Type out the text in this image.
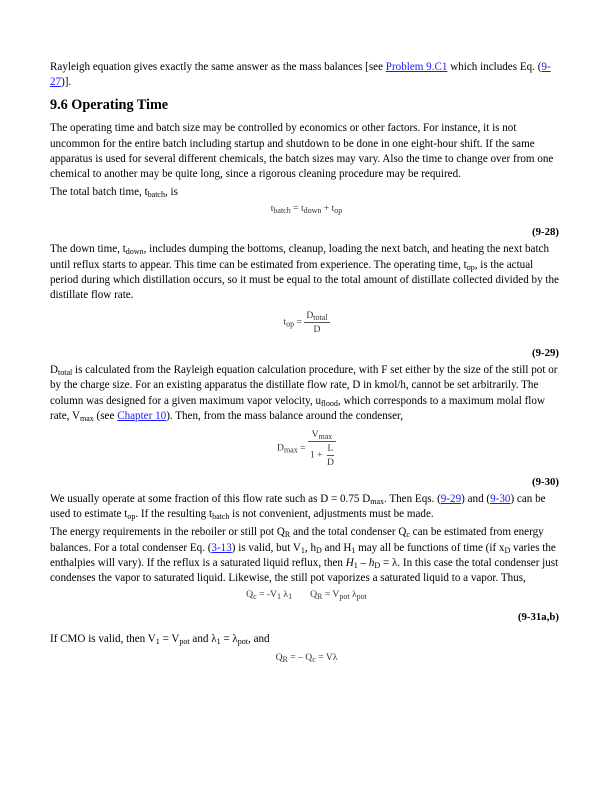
Rayleigh equation gives exactly the same answer as the mass balances [see Problem 9.C1 which includes Eq. (9-27)].

9.6 Operating Time

The operating time and batch size may be controlled by economics or other factors. For instance, it is not uncommon for the entire batch including startup and shutdown to be done in one eight-hour shift. If the same apparatus is used for several different chemicals, the batch sizes may vary. Also the time to change over from one chemical to another may be quite long, since a rigorous cleaning procedure may be required.

The total batch time, $t_{batch}$, is

$t_{batch} = t_{down} + t_{op}$
(9-28)

The down time, $t_{down}$, includes dumping the bottoms, cleanup, loading the next batch, and heating the next batch until reflux starts to appear. This time can be estimated from experience. The operating time, $t_{op}$, is the actual period during which distillation occurs, so it must be equal to the total amount of distillate collected divided by the distillate flow rate.

$t_{op} = \frac{D_{total}}{D}$
(9-29)

$D_{total}$ is calculated from the Rayleigh equation calculation procedure, with F set either by the size of the still pot or by the charge size. For an existing apparatus the distillate flow rate, D in kmol/h, cannot be set arbitrarily. The column was designed for a given maximum vapor velocity, $u_{flood}$, which corresponds to a maximum molal flow rate, $V_{max}$ (see Chapter 10). Then, from the mass balance around the condenser,

$D_{max} = \frac{V_{max}}{1 + \frac{L}{D}}$
(9-30)

We usually operate at some fraction of this flow rate such as D = 0.75 $D_{max}$. Then Eqs. (9-29) and (9-30) can be used to estimate $t_{op}$. If the resulting $t_{batch}$ is not convenient, adjustments must be made.

The energy requirements in the reboiler or still pot $Q_R$ and the total condenser $Q_c$ can be estimated from energy balances. For a total condenser Eq. (3-13) is valid, but $V_1$, $h_D$ and $H_1$ may all be functions of time (if $x_D$ varies the enthalpies will vary). If the reflux is a saturated liquid reflux, then $H_1 - h_D = \lambda$. In this case the total condenser just condenses the vapor to saturated liquid. Likewise, the still pot vaporizes a saturated liquid to a vapor. Thus,

$Q_c = -V_1$ $\lambda_1$ $Q_R = V_{pot}$ $\lambda_{pot}$
(9-31a,b)

If CMO is valid, then $V_1 = V_{pot}$ and $\lambda_1 = \lambda_{pot}$, and

$Q_R$ = – $Q_c = V\lambda$
